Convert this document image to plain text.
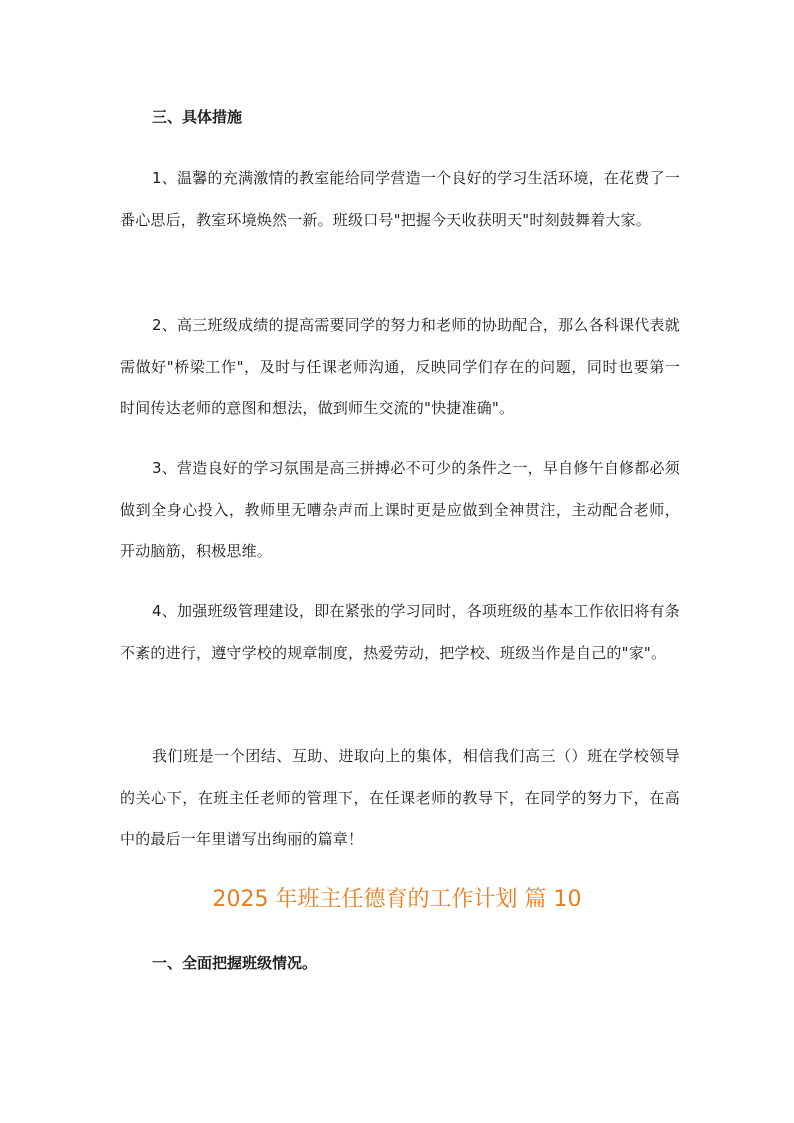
三、具体措施

1、温馨的充满激情的教室能给同学营造一个良好的学习生活环境，在花费了一番心思后，教室环境焕然一新。班级口号"把握今天收获明天"时刻鼓舞着大家。

2、高三班级成绩的提高需要同学的努力和老师的协助配合，那么各科课代表就需做好"桥梁工作"，及时与任课老师沟通，反映同学们存在的问题，同时也要第一时间传达老师的意图和想法，做到师生交流的"快捷准确"。

3、营造良好的学习氛围是高三拼搏必不可少的条件之一，早自修午自修都必须做到全身心投入，教师里无嘈杂声而上课时更是应做到全神贯注，主动配合老师，开动脑筋，积极思维。

4、加强班级管理建设，即在紧张的学习同时，各项班级的基本工作依旧将有条不紊的进行，遵守学校的规章制度，热爱劳动，把学校、班级当作是自己的"家"。

我们班是一个团结、互助、进取向上的集体，相信我们高三（）班在学校领导的关心下，在班主任老师的管理下，在任课老师的教导下，在同学的努力下，在高中的最后一年里谱写出绚丽的篇章！

2025 年班主任德育的工作计划 篇 10

一、全面把握班级情况。
